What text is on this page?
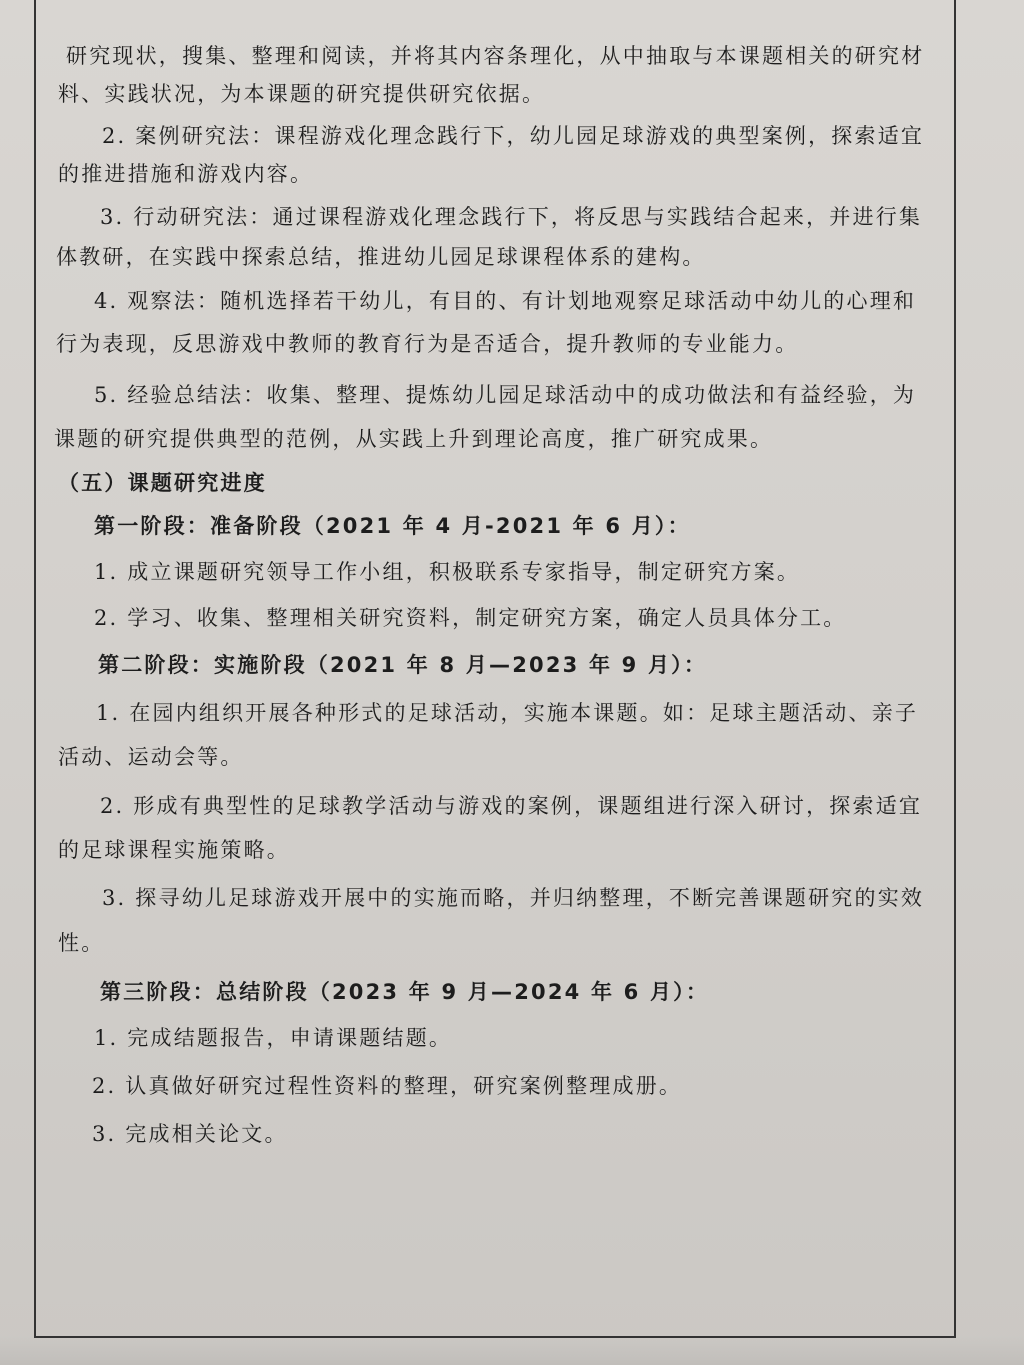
研究现状，搜集、整理和阅读，并将其内容条理化，从中抽取与本课题相关的研究材
料、实践状况，为本课题的研究提供研究依据。
2. 案例研究法：课程游戏化理念践行下，幼儿园足球游戏的典型案例，探索适宜
的推进措施和游戏内容。
3. 行动研究法：通过课程游戏化理念践行下，将反思与实践结合起来，并进行集
体教研，在实践中探索总结，推进幼儿园足球课程体系的建构。
4. 观察法：随机选择若干幼儿，有目的、有计划地观察足球活动中幼儿的心理和
行为表现，反思游戏中教师的教育行为是否适合，提升教师的专业能力。
5. 经验总结法：收集、整理、提炼幼儿园足球活动中的成功做法和有益经验，为
课题的研究提供典型的范例，从实践上升到理论高度，推广研究成果。
（五）课题研究进度
第一阶段：准备阶段（2021 年 4 月-2021 年 6 月）：
1. 成立课题研究领导工作小组，积极联系专家指导，制定研究方案。
2. 学习、收集、整理相关研究资料，制定研究方案，确定人员具体分工。
第二阶段：实施阶段（2021 年 8 月—2023 年 9 月）：
1. 在园内组织开展各种形式的足球活动，实施本课题。如：足球主题活动、亲子
活动、运动会等。
2. 形成有典型性的足球教学活动与游戏的案例，课题组进行深入研讨，探索适宜
的足球课程实施策略。
3. 探寻幼儿足球游戏开展中的实施而略，并归纳整理，不断完善课题研究的实效
性。
第三阶段：总结阶段（2023 年 9 月—2024 年 6 月）：
1. 完成结题报告，申请课题结题。
2. 认真做好研究过程性资料的整理，研究案例整理成册。
3. 完成相关论文。
